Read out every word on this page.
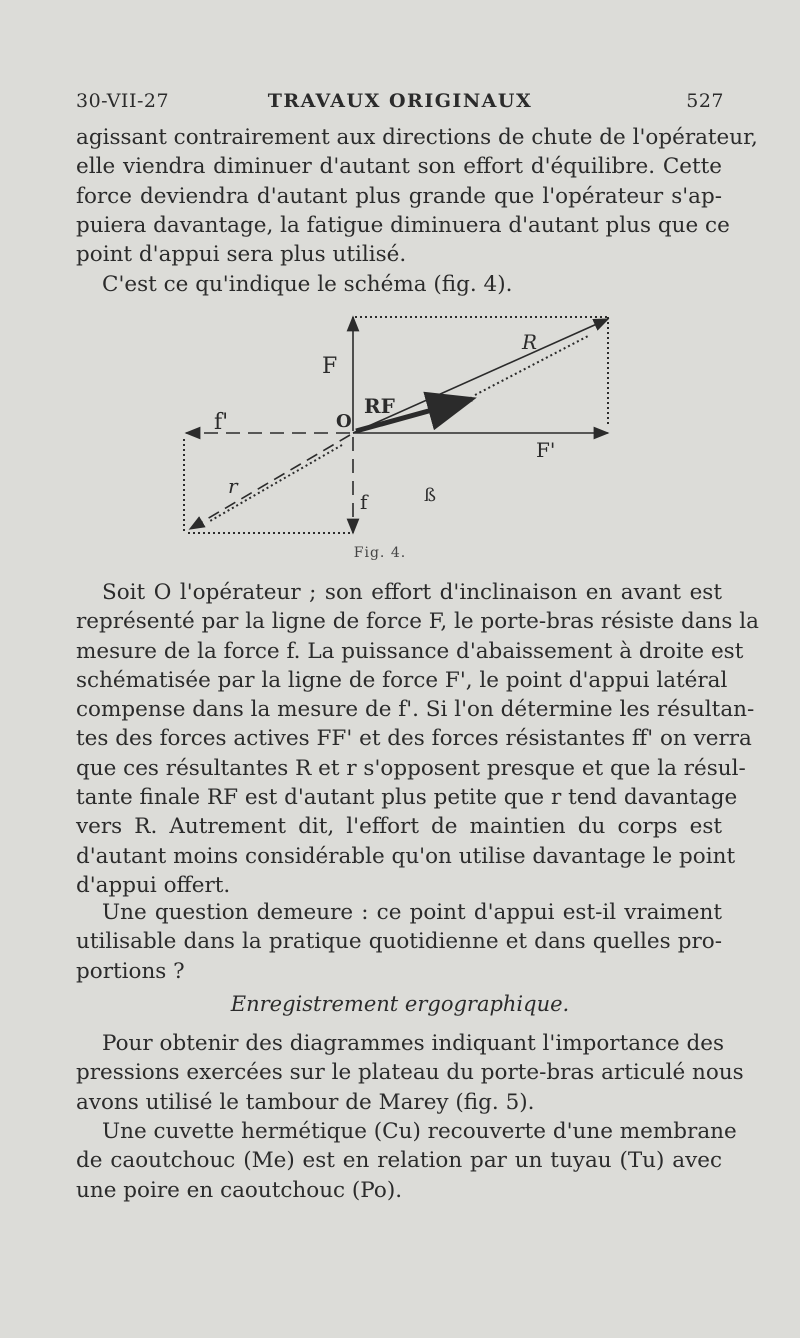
30-VII-27	TRAVAUX ORIGINAUX	527
agissant contrairement aux directions de chute de l'opérateur,
elle viendra diminuer d'autant son effort d'équilibre. Cette
force deviendra d'autant plus grande que l'opérateur s'ap-
puiera davantage, la fatigue diminuera d'autant plus que ce
point d'appui sera plus utilisé.
C'est ce qu'indique le schéma (fig. 4).
F
R
RF
O
f'
F'
r
f	ß
Fig. 4.
Soit O l'opérateur ; son effort d'inclinaison en avant est
représenté par la ligne de force F, le porte-bras résiste dans la
mesure de la force f. La puissance d'abaissement à droite est
schématisée par la ligne de force F', le point d'appui latéral
compense dans la mesure de f'. Si l'on détermine les résultan-
tes des forces actives FF' et des forces résistantes ff' on verra
que ces résultantes R et r s'opposent presque et que la résul-
tante finale RF est d'autant plus petite que r tend davantage
vers R. Autrement dit, l'effort de maintien du corps est
d'autant moins considérable qu'on utilise davantage le point
d'appui offert.
Une question demeure : ce point d'appui est-il vraiment
utilisable dans la pratique quotidienne et dans quelles pro-
portions ?
Enregistrement ergographique.
Pour obtenir des diagrammes indiquant l'importance des
pressions exercées sur le plateau du porte-bras articulé nous
avons utilisé le tambour de Marey (fig. 5).
Une cuvette hermétique (Cu) recouverte d'une membrane
de caoutchouc (Me) est en relation par un tuyau (Tu) avec
une poire en caoutchouc (Po).
